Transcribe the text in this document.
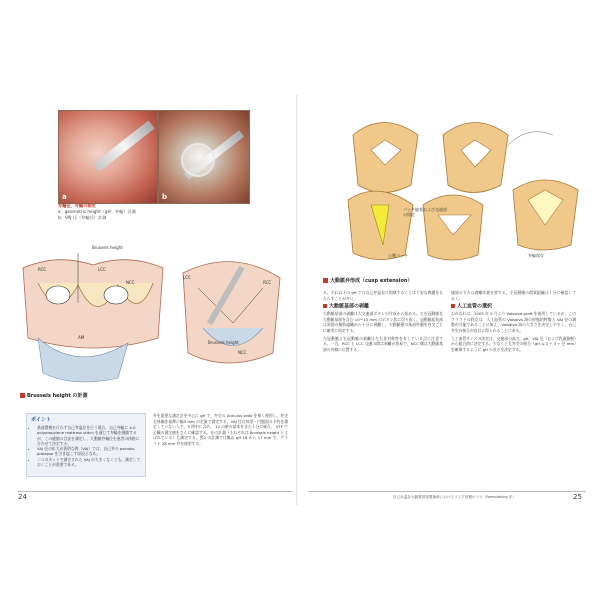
a	b
弁輪径，弁輪の測定
a：geometric height（gH：弁輪）計測
b：VAJ 径（弁輪径）計測
Brussels height
RCC	LCC
NCC
AM
Brussels height
LCC
RCC
NCC
Brussels height の計測
ポイント
• 基部置換を行わず自己弁温存を行う場合，自己弁輪に 4-0 polypropylene mattress stitch を通じて弁輪を縫縮するが，この縫縮の目安を測定し，大動脈弁輪径を患者の体格に合わせて決定する。
• VAJ 径の拡大が著明な例（VAJ）では，自己弁の pseudo-prolapse を引き起こす原因となる。
• 二つのカットで測定された VAJ が大きくなくとも，測定しておくことが重要である。
弁を重要な測定法を中心に gH で，弁尖の Annulus seda を検く使用し，弁尖全体幅を基準に幅3 mm の定量で測定する。VAJ 径は体型・円盤面の予約を測定していない人で，9 例中に含め， 12 の値の基本をまた十分に統合， VTF で心臓の測定値をさらに確認する。径の計測（それぞれは Brussels height とよばれている）も測定する。図2 の計測では概ね gH 18 から 17 mm で，グラフト 28 mm 弁を使用する。
24
パッチ縫着および交連部の固定
心膜パッチ	弁輪保存
大動脈弁形成（cusp extension）
る。それ以下の gH では自己弁温存に固執することは不安な問題をもたらすことが多い。
大動脈基部の剥離
大動脈基部の剥離は大交連部ボタンの作成から始める。左右冠動脈を大動脈基部を含む 10～15 mm のボタン状に切り抜く。冠動脈起始部は周囲の脂肪組織から十分に剥離し，大動脈壁の基部外側を弁尖ごとに確実に同定する。
左冠動脈と右冠動脈の剥離は左右非対称性を有している点に注意する。一方，RCC と LCC 交連の間は剥離が容易で，NCC 側は大動脈基部の外側に位置する。
連部の下方は剥離作業を要する。左冠動脈の間質組織は十分に確認しておく。
人工血管の選択
われわれは，2005 年 5 月より Valsalva graft を使用しているが，このグラフトの利点は，人工血管の Valsalva 洞の形態的特徴と VAJ 径の調整が可能であることに加え，Valsalva 洞の大きさを決定しやすく，自己弁尖の接合が良好に得られることにある。
人工血管サイズの決定は，交連部の高さ，gH，VAJ 径（および乳頭筋断）から総合的に決定する。少なくとも弁尖の接合（gH ≒ 2 ÷ 3 ÷ 径 mm）を確保するように gH の長さを決定する。
自己弁温存大動脈基部置換術におけるリスク回避のコツ（Remodeling 法）	25
